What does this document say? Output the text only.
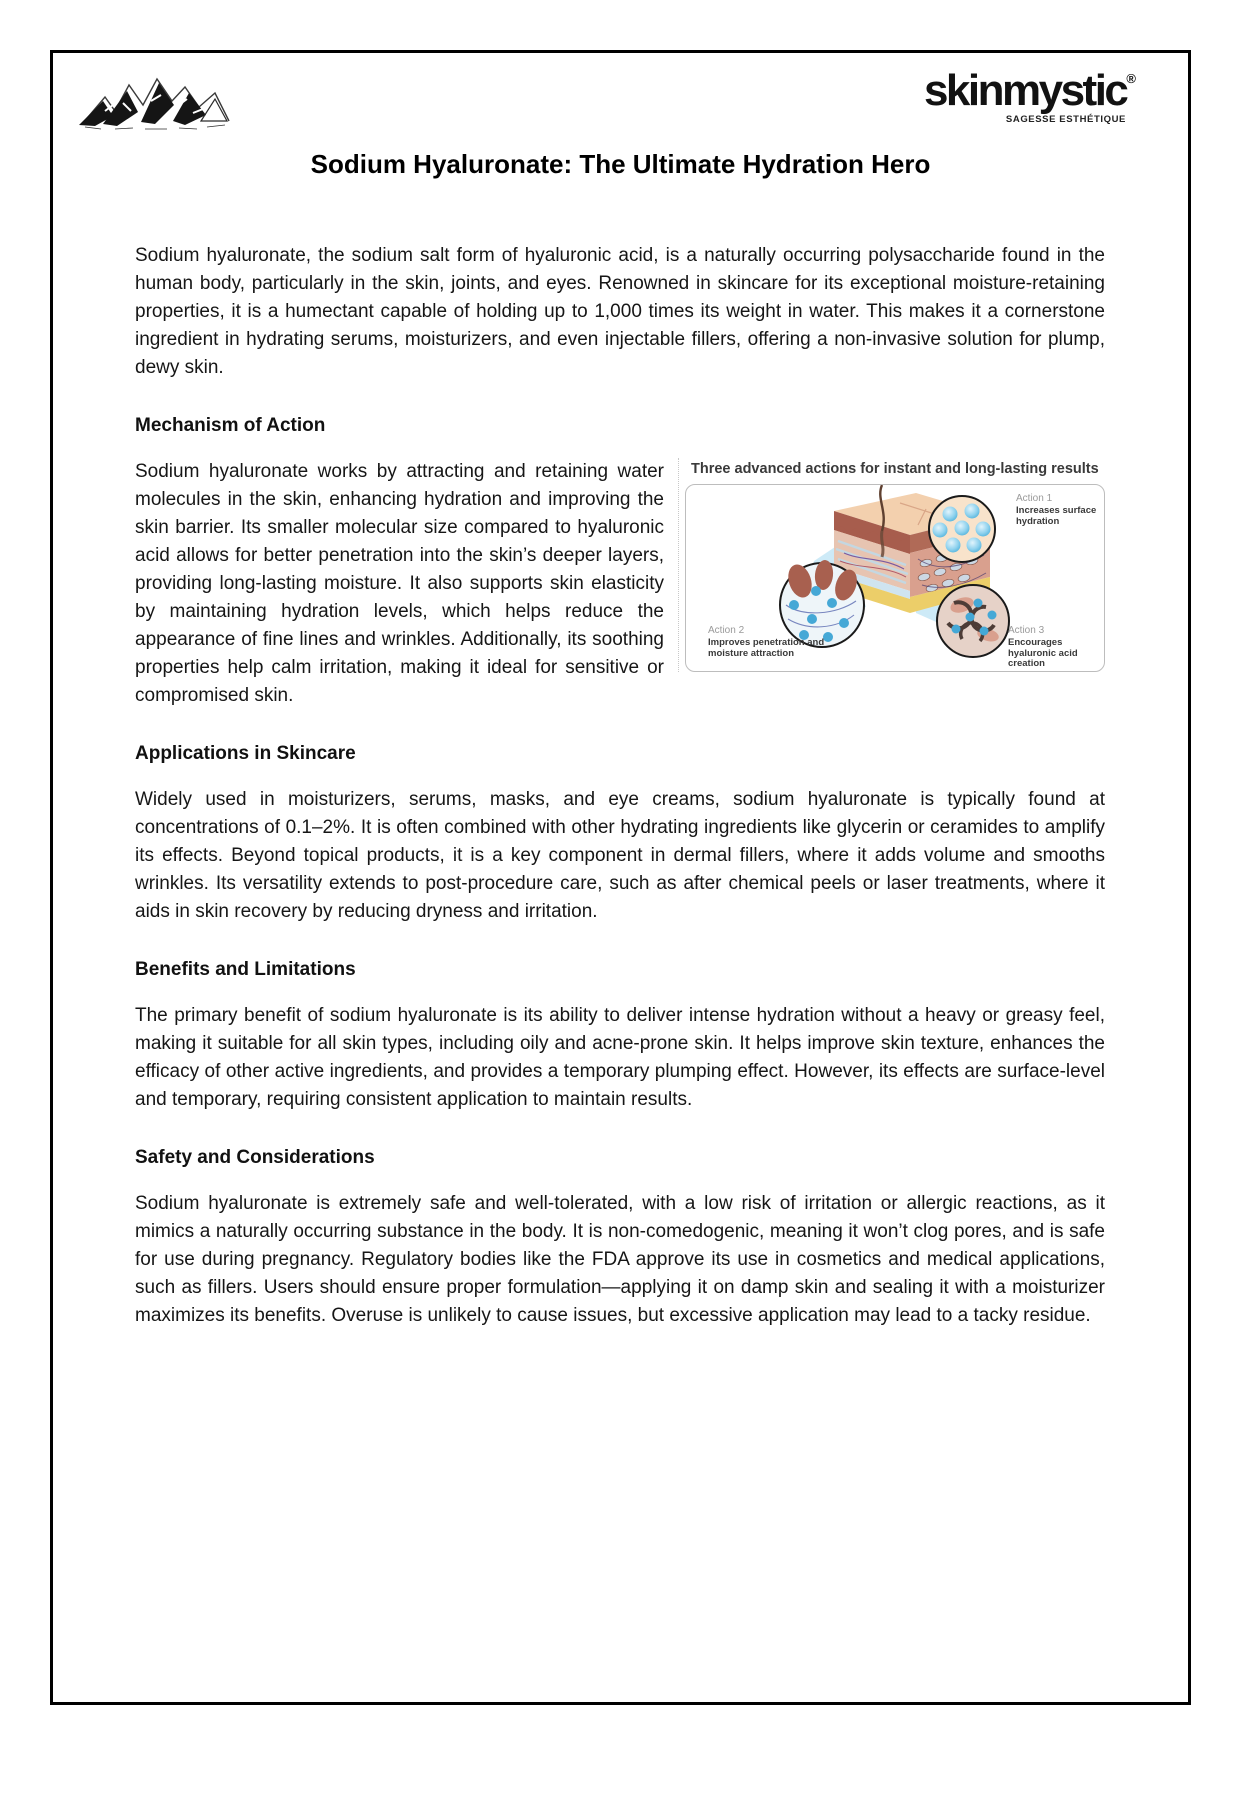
skinmystic®
SAGESSE ESTHÉTIQUE
Sodium Hyaluronate: The Ultimate Hydration Hero

Sodium hyaluronate, the sodium salt form of hyaluronic acid, is a naturally occurring polysaccharide found in the human body, particularly in the skin, joints, and eyes. Renowned in skincare for its exceptional moisture-retaining properties, it is a humectant capable of holding up to 1,000 times its weight in water. This makes it a cornerstone ingredient in hydrating serums, moisturizers, and even injectable fillers, offering a non-invasive solution for plump, dewy skin.

Mechanism of Action
Three advanced actions for instant and long-lasting results
Action 1
Increases surface hydration
Action 2
Improves penetration and moisture attraction
Action 3
Encourages hyaluronic acid creation
Sodium hyaluronate works by attracting and retaining water molecules in the skin, enhancing hydration and improving the skin barrier. Its smaller molecular size compared to hyaluronic acid allows for better penetration into the skin’s deeper layers, providing long-lasting moisture. It also supports skin elasticity by maintaining hydration levels, which helps reduce the appearance of fine lines and wrinkles. Additionally, its soothing properties help calm irritation, making it ideal for sensitive or compromised skin.
Applications in Skincare

Widely used in moisturizers, serums, masks, and eye creams, sodium hyaluronate is typically found at concentrations of 0.1–2%. It is often combined with other hydrating ingredients like glycerin or ceramides to amplify its effects. Beyond topical products, it is a key component in dermal fillers, where it adds volume and smooths wrinkles. Its versatility extends to post-procedure care, such as after chemical peels or laser treatments, where it aids in skin recovery by reducing dryness and irritation.

Benefits and Limitations

The primary benefit of sodium hyaluronate is its ability to deliver intense hydration without a heavy or greasy feel, making it suitable for all skin types, including oily and acne-prone skin. It helps improve skin texture, enhances the efficacy of other active ingredients, and provides a temporary plumping effect. However, its effects are surface-level and temporary, requiring consistent application to maintain results.

Safety and Considerations

Sodium hyaluronate is extremely safe and well-tolerated, with a low risk of irritation or allergic reactions, as it mimics a naturally occurring substance in the body. It is non-comedogenic, meaning it won’t clog pores, and is safe for use during pregnancy. Regulatory bodies like the FDA approve its use in cosmetics and medical applications, such as fillers. Users should ensure proper formulation—applying it on damp skin and sealing it with a moisturizer maximizes its benefits. Overuse is unlikely to cause issues, but excessive application may lead to a tacky residue.
